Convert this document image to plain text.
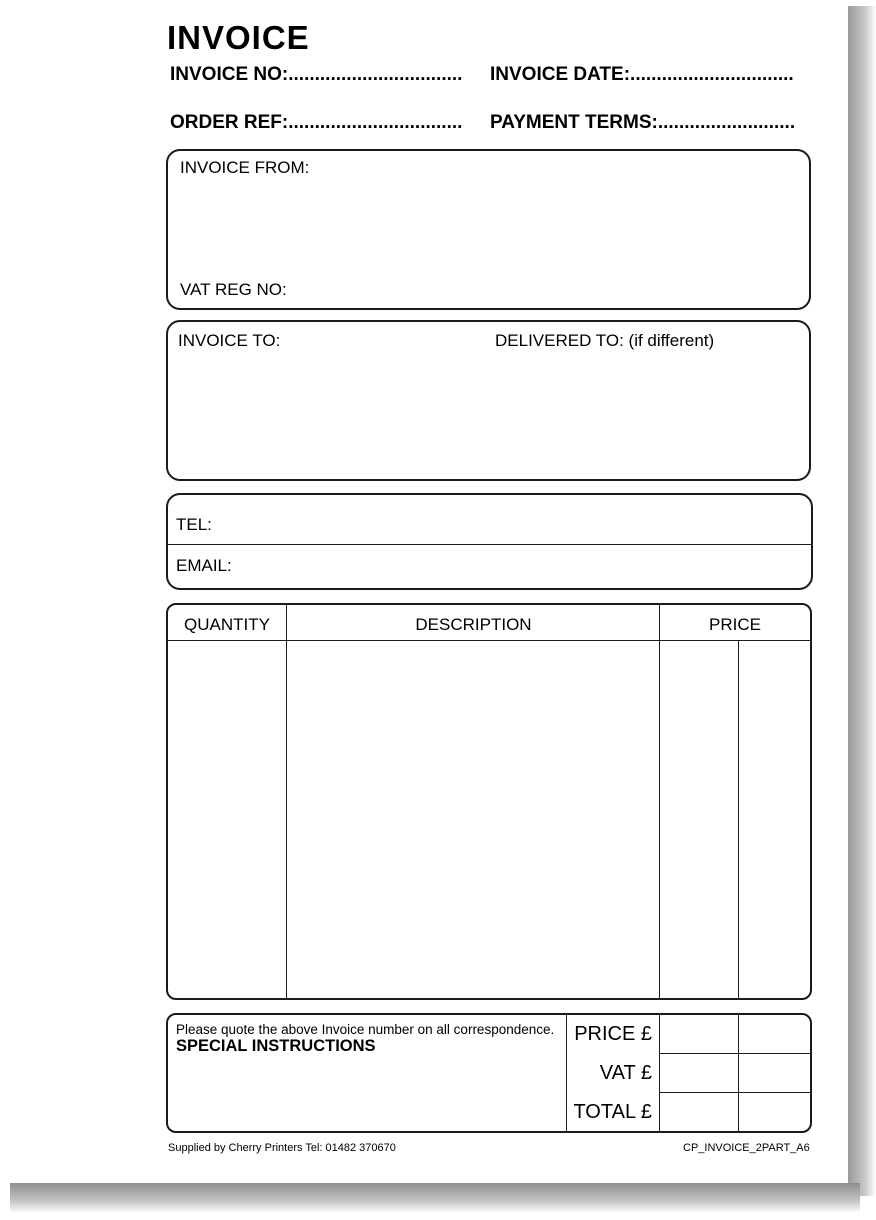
INVOICE
INVOICE NO:................................. INVOICE DATE:...............................
ORDER REF:................................. PAYMENT TERMS:..........................
INVOICE FROM:
VAT REG NO:
INVOICE TO:	DELIVERED TO: (if different)
TEL:
EMAIL:
QUANTITY	DESCRIPTION	PRICE
Please quote the above Invoice number on all correspondence.
SPECIAL INSTRUCTIONS
PRICE £
VAT £
TOTAL £
Supplied by Cherry Printers Tel: 01482 370670	CP_INVOICE_2PART_A6
